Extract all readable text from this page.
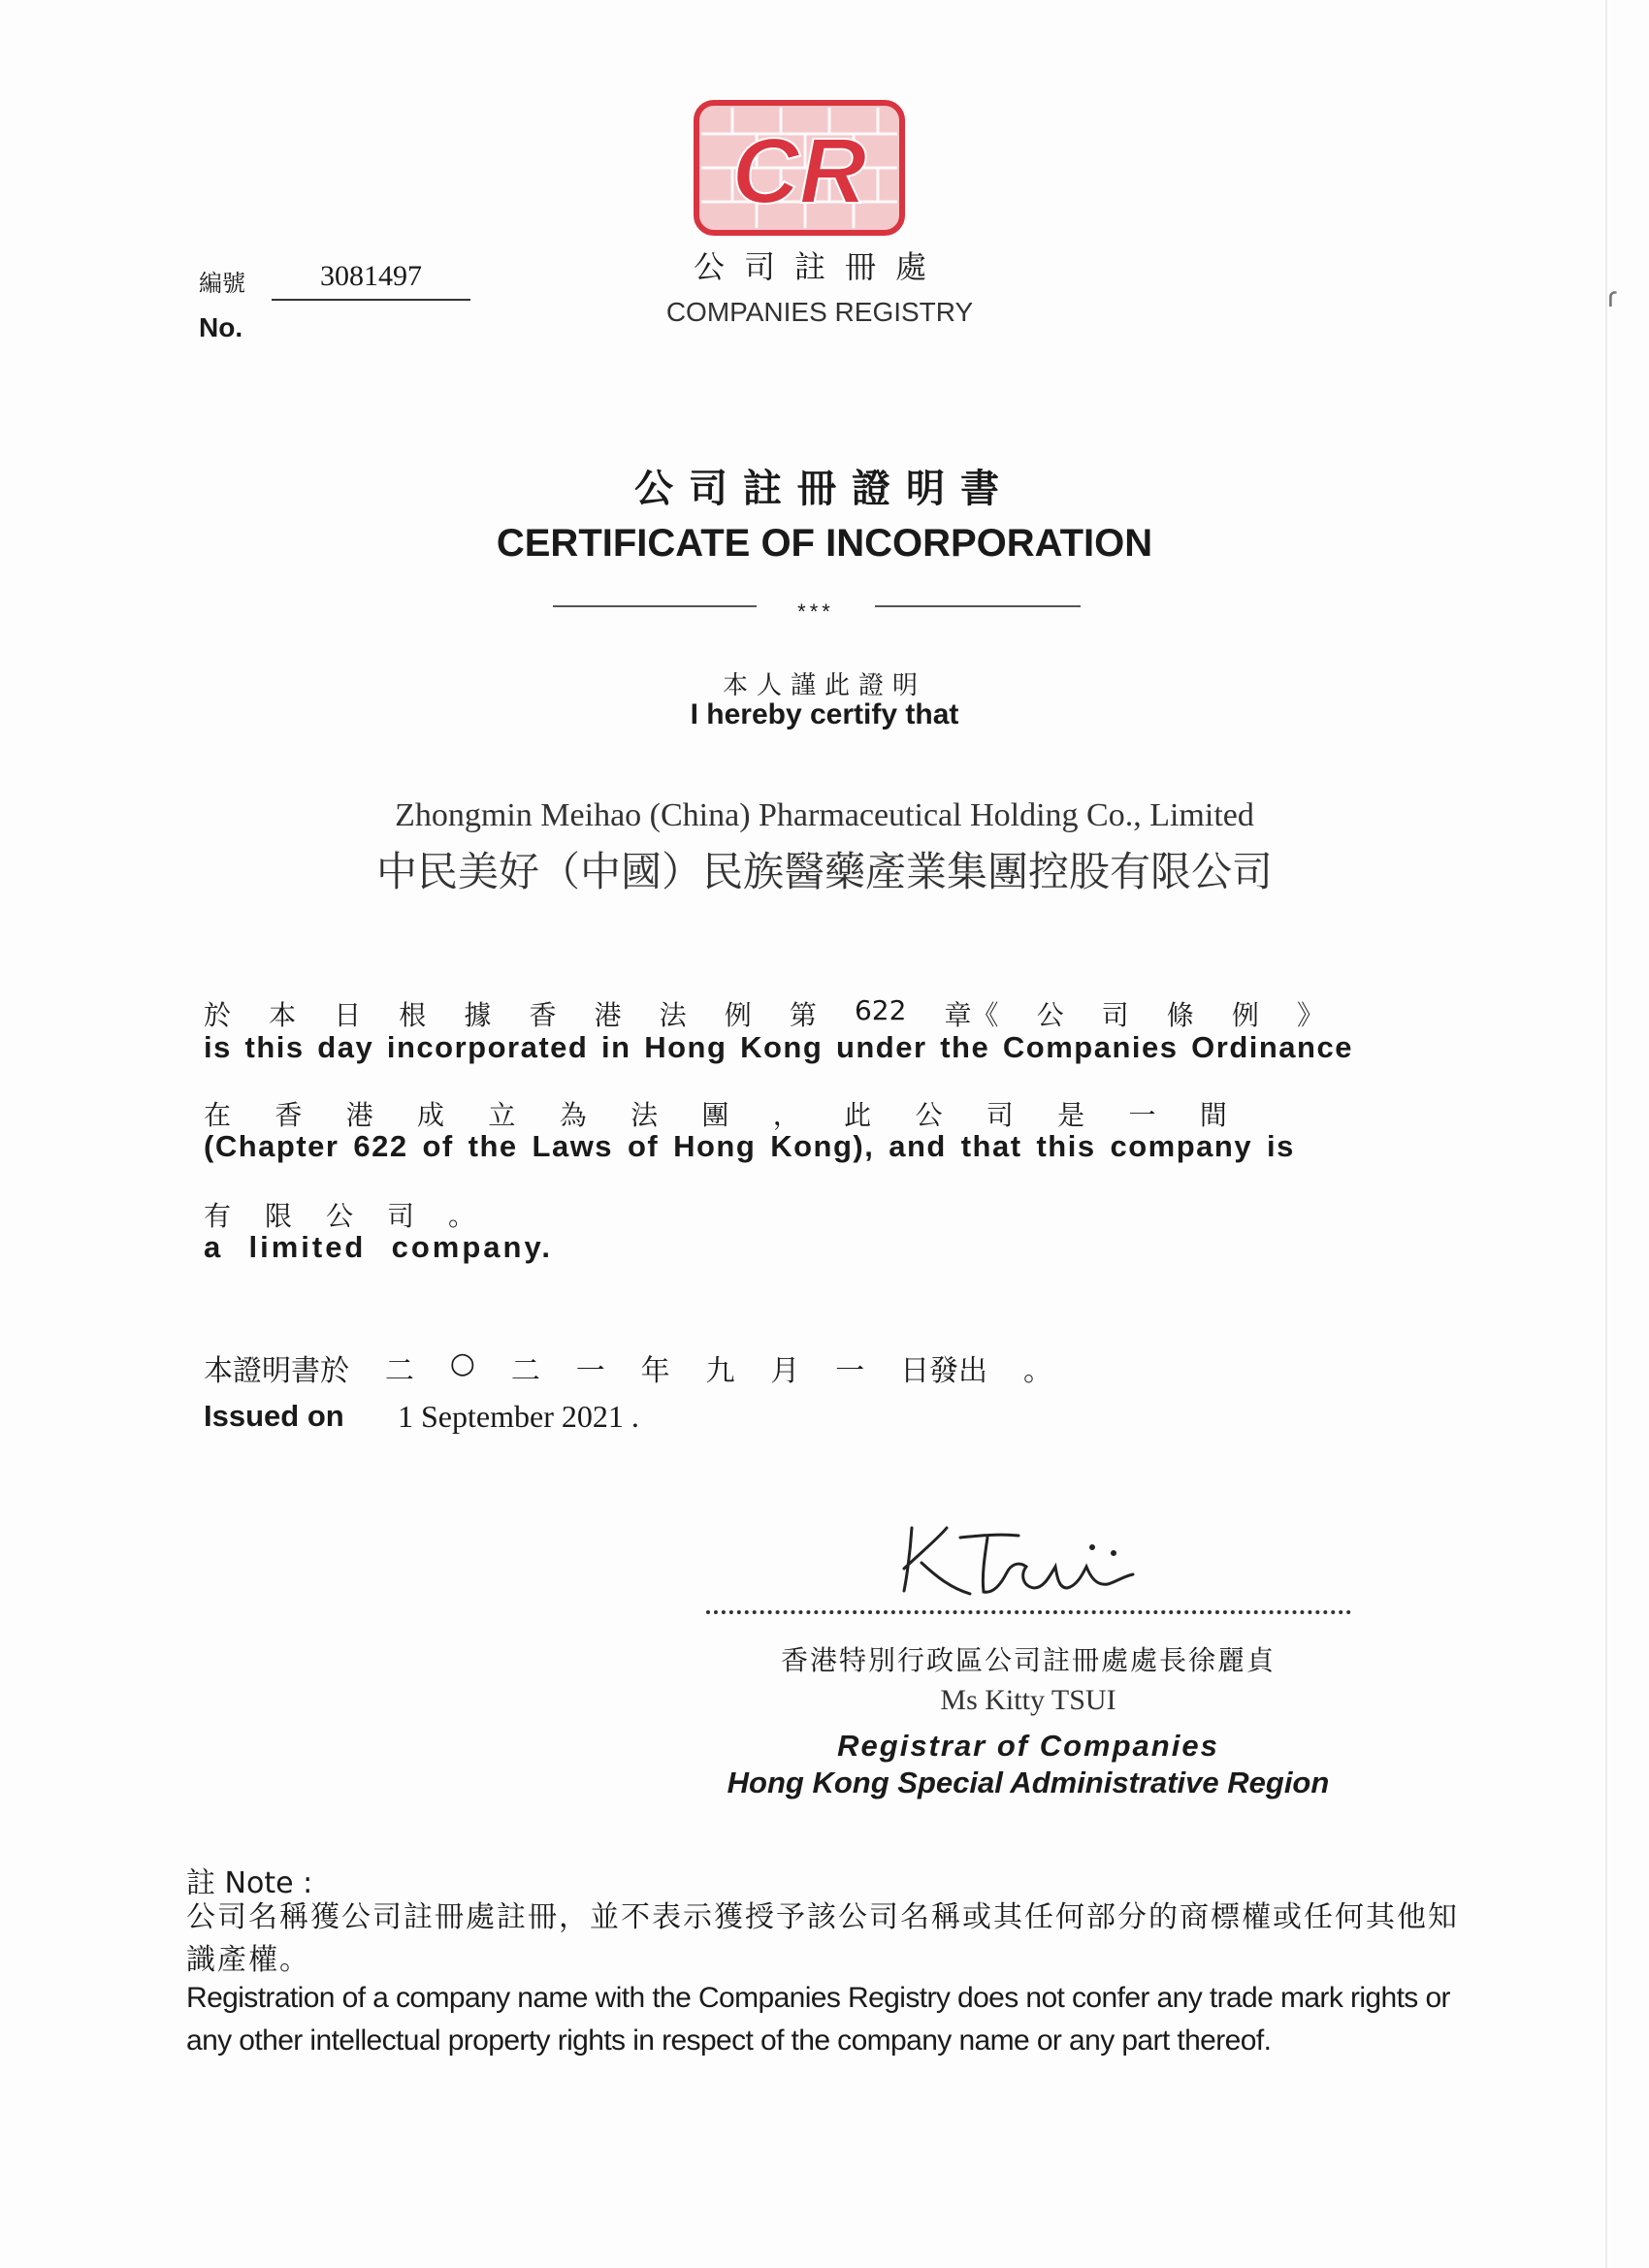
CR
公司註冊處
COMPANIES REGISTRY
編號	3081497
No.
公司註冊證明書
CERTIFICATE OF INCORPORATION
***
本人謹此證明
I hereby certify that
Zhongmin Meihao (China) Pharmaceutical Holding Co., Limited
中民美好（中國）民族醫藥產業集團控股有限公司
於 本 日 根 據 香 港 法 例 第 622 章《 公 司 條 例 》
is this day incorporated in Hong Kong under the Companies Ordinance
在 香 港 成 立 為 法 團 ， 此 公 司 是 一 間
(Chapter 622 of the Laws of Hong Kong), and that this company is
有 限 公 司 。
a limited company.
本證明書於 二 ○ 二 一 年 九 月 一 日發出 。
Issued on 1 September 2021 .
香港特別行政區公司註冊處處長徐麗貞
Ms Kitty TSUI
Registrar of Companies
Hong Kong Special Administrative Region
註 Note :
公司名稱獲公司註冊處註冊，並不表示獲授予該公司名稱或其任何部分的商標權或任何其他知識產權。
Registration of a company name with the Companies Registry does not confer any trade mark rights or any other intellectual property rights in respect of the company name or any part thereof.
ɾ
